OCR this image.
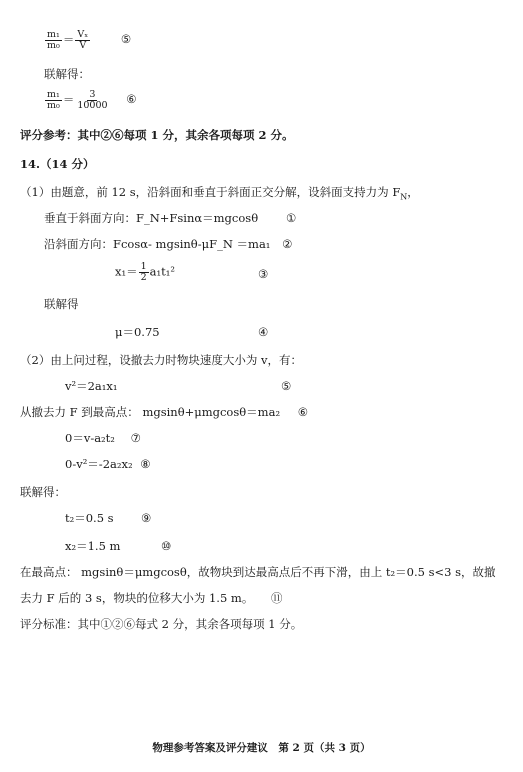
$\frac{\text{m₁}}{\text{m₀}} = \frac{\text{Vₓ}}{V}$	⑤
联解得：
$\frac{\text{m₁}}{\text{m₀}} = \frac{3}{10000}$ ⑥
评分参考：其中②⑥每项 1 分，其余各项每项 2 分。
14.（14 分）
（1）由题意，前 12 s，沿斜面和垂直于斜面正交分解，设斜面支持力为 $F_N$，
垂直于斜面方向：F_N+Fsinα＝mgcosθ ①
沿斜面方向：Fcosα- mgsinθ-μF_N ＝ma₁ ②
$x_1= \frac{1}{2} a_1t_1^2$	③
联解得
μ＝0.75	④
（2）由上问过程，设撤去力时物块速度大小为 v，有：
v²＝2a₁x₁	⑤
从撤去力 F 到最高点： mgsinθ+μmgcosθ＝ma₂ ⑥
0＝v-a₂t₂ ⑦
0-v²＝-2a₂x₂ ⑧
联解得：
t₂＝0.5 s ⑨
x₂＝1.5 m	⑩
在最高点： mgsinθ＝μmgcosθ，故物块到达最高点后不再下滑，由上 t₂＝0.5 s<3 s，故撤
去力 F 后的 3 s，物块的位移大小为 1.5 m。 ⑪
评分标准：其中①②⑥每式 2 分，其余各项每项 1 分。
物理参考答案及评分建议　第 2 页（共 3 页）
